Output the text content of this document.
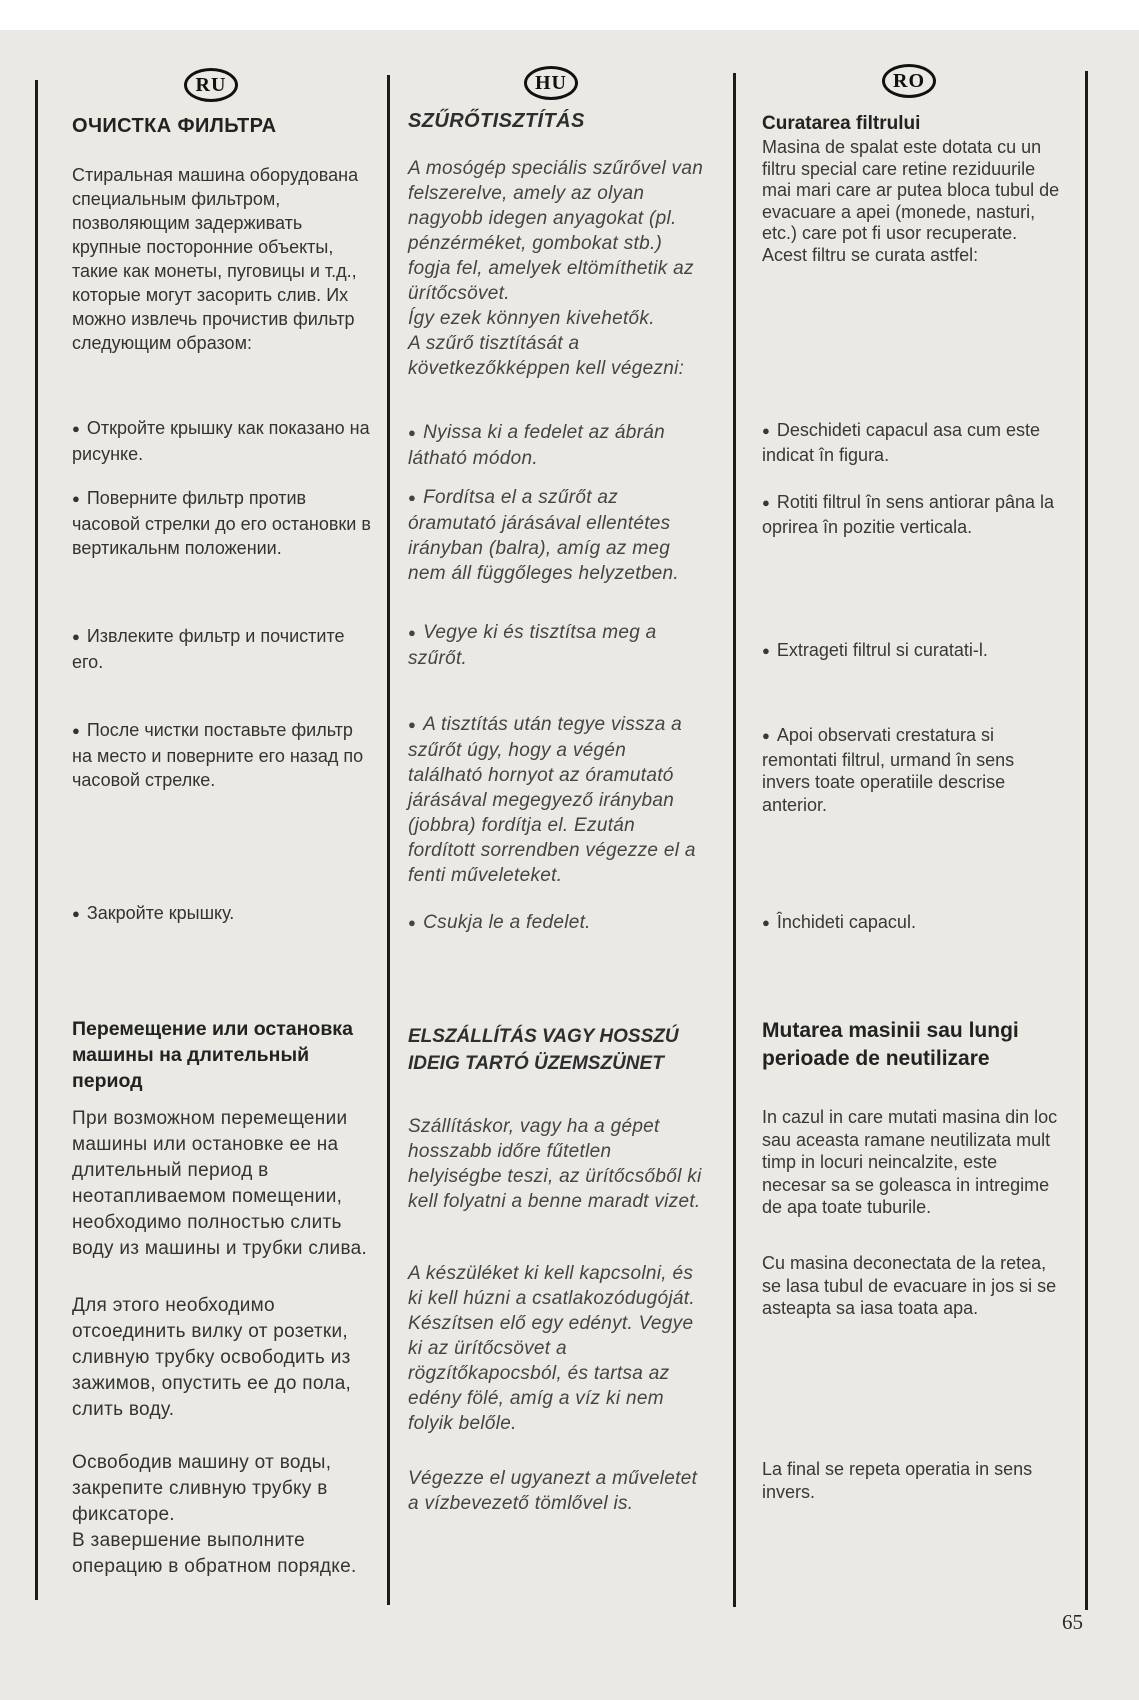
RU	HU	RO
ОЧИСТКА ФИЛЬТРА
Стиральная машина оборудована специальным фильтром, позволяющим задерживать крупные посторонние объекты, такие как монеты, пуговицы и т.д., которые могут засорить слив. Их можно извлечь прочистив фильтр следующим образом:
● Откройте крышку как показано на рисунке.
● Поверните фильтр против часовой стрелки до его остановки в вертикальнм положении.
● Извлеките фильтр и почистите его.
● После чистки поставьте фильтр на место и поверните его назад по часовой стрелке.
● Закройте крышку.
Перемещение или остановка машины на длительный период
При возможном перемещении машины или остановке ее на длительный период в неотапливаемом помещении, необходимо полностью слить воду из машины и трубки слива.
Для этого необходимо отсоединить вилку от розетки, сливную трубку освободить из зажимов, опустить ее до пола, слить воду.

Освободив машину от воды, закрепите сливную трубку в фиксаторе.

В завершение выполните операцию в обратном порядке.

SZŰRŐTISZTÍTÁS

A mosógép speciális szűrővel van felszerelve, amely az olyan nagyobb idegen anyagokat (pl. pénzérméket, gombokat stb.) fogja fel, amelyek eltömíthetik az ürítőcsövet.

Így ezek könnyen kivehetők.

A szűrő tisztítását a következőkképpen kell végezni:

● Nyissa ki a fedelet az ábrán látható módon.
● Fordítsa el a szűrőt az óramutató járásával ellentétes irányban (balra), amíg az meg nem áll függőleges helyzetben.
● Vegye ki és tisztítsa meg a szűrőt.
● A tisztítás után tegye vissza a szűrőt úgy, hogy a végén található hornyot az óramutató járásával megegyező irányban (jobbra) fordítja el. Ezután fordított sorrendben végezze el a fenti műveleteket.
● Csukja le a fedelet.
ELSZÁLLÍTÁS VAGY HOSSZÚ IDEIG TARTÓ ÜZEMSZÜNET
Szállításkor, vagy ha a gépet hosszabb időre fűtetlen helyiségbe teszi, az ürítőcsőből ki kell folyatni a benne maradt vizet.
A készüléket ki kell kapcsolni, és ki kell húzni a csatlakozódugóját. Készítsen elő egy edényt. Vegye ki az ürítőcsövet a rögzítőkapocsból, és tartsa az edény fölé, amíg a víz ki nem folyik belőle.
Végezze el ugyanezt a műveletet a vízbevezető tömlővel is.
Curatarea filtrului
Masina de spalat este dotata cu un filtru special care retine reziduurile mai mari care ar putea bloca tubul de evacuare a apei (monede, nasturi, etc.) care pot fi usor recuperate. Acest filtru se curata astfel:
● Deschideti capacul asa cum este indicat în figura.
● Rotiti filtrul în sens antiorar pâna la oprirea în pozitie verticala.
● Extrageti filtrul si curatati-l.
● Apoi observati crestatura si remontati filtrul, urmand în sens invers toate operatiile descrise anterior.
● Închideti capacul.
Mutarea masinii sau lungi perioade de neutilizare
In cazul in care mutati masina din loc sau aceasta ramane neutilizata mult timp in locuri neincalzite, este necesar sa se goleasca in intregime de apa toate tuburile.
Cu masina deconectata de la retea, se lasa tubul de evacuare in jos si se asteapta sa iasa toata apa.
La final se repeta operatia in sens invers.
65
